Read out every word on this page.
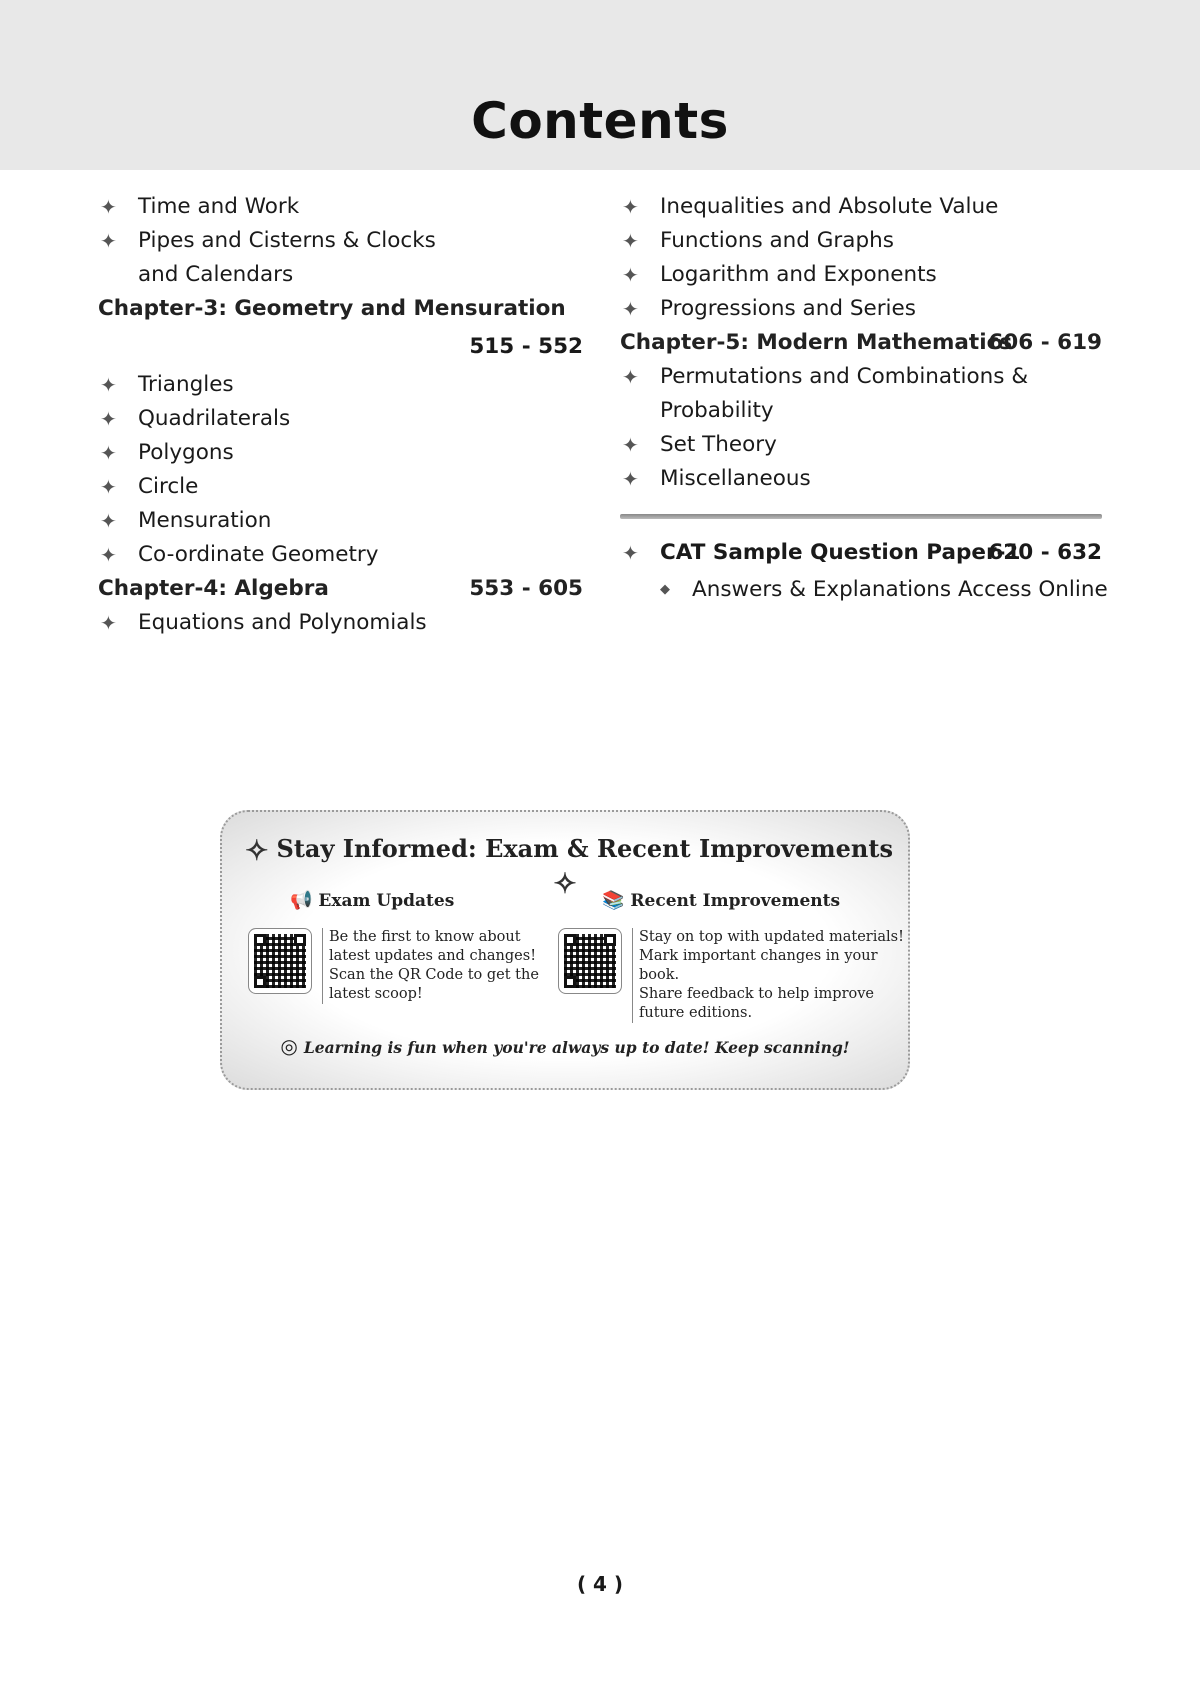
Contents
✦ Time and Work
✦ Pipes and Cisterns & Clocks
and Calendars
Chapter-3: Geometry and Mensuration
515 - 552
✦ Triangles
✦ Quadrilaterals
✦ Polygons
✦ Circle
✦ Mensuration
✦ Co-ordinate Geometry
Chapter-4: Algebra	553 - 605
✦ Equations and Polynomials
✦ Inequalities and Absolute Value
✦ Functions and Graphs
✦ Logarithm and Exponents
✦ Progressions and Series
Chapter-5: Modern Mathematics
606 - 619
✦ Permutations and Combinations &
Probability
✦ Set Theory
✦ Miscellaneous
✦ CAT Sample Question Paper-1
620 - 632
◆ Answers & Explanations Access Online
✧ Stay Informed: Exam & Recent Improvements✧
📢 Exam Updates
Be the first to know about
latest updates and changes!
Scan the QR Code to get the
latest scoop!
📚 Recent Improvements
Stay on top with updated materials!
Mark important changes in your book.
Share feedback to help improve
future editions.
◎ Learning is fun when you're always up to date! Keep scanning!
( 4 )
